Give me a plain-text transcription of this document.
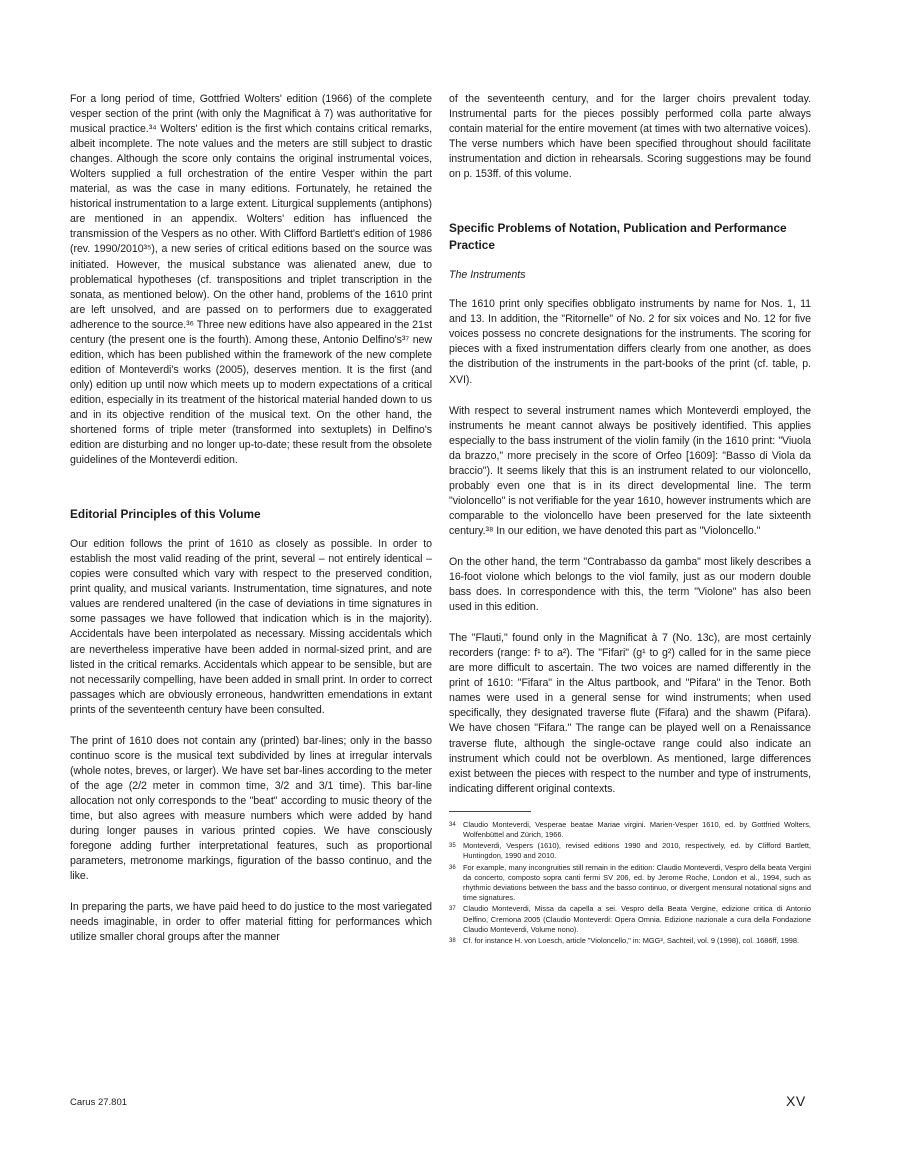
For a long period of time, Gottfried Wolters' edition (1966) of the complete vesper section of the print (with only the Magnificat à 7) was authoritative for musical practice.³⁴ Wolters' edition is the first which contains critical remarks, albeit incomplete. The note values and the meters are still subject to drastic changes. Although the score only contains the original instrumental voices, Wolters supplied a full orchestration of the entire Vesper within the part material, as was the case in many editions. Fortunately, he retained the historical instrumentation to a large extent. Liturgical supplements (antiphons) are mentioned in an appendix. Wolters' edition has influenced the transmission of the Vespers as no other. With Clifford Bartlett's edition of 1986 (rev. 1990/2010³⁵), a new series of critical editions based on the source was initiated. However, the musical substance was alienated anew, due to problematical hypotheses (cf. transpositions and triplet transcription in the sonata, as mentioned below). On the other hand, problems of the 1610 print are left unsolved, and are passed on to performers due to exaggerated adherence to the source.³⁶ Three new editions have also appeared in the 21st century (the present one is the fourth). Among these, Antonio Delfino's³⁷ new edition, which has been published within the framework of the new complete edition of Monteverdi's works (2005), deserves mention. It is the first (and only) edition up until now which meets up to modern expectations of a critical edition, especially in its treatment of the historical material handed down to us and in its objective rendition of the musical text. On the other hand, the shortened forms of triple meter (transformed into sextuplets) in Delfino's edition are disturbing and no longer up-to-date; these result from the obsolete guidelines of the Monteverdi edition.

Editorial Principles of this Volume

Our edition follows the print of 1610 as closely as possible. In order to establish the most valid reading of the print, several – not entirely identical – copies were consulted which vary with respect to the preserved condition, print quality, and musical variants. Instrumentation, time signatures, and note values are rendered unaltered (in the case of deviations in time signatures in some passages we have followed that indication which is in the majority). Accidentals have been interpolated as necessary. Missing accidentals which are nevertheless imperative have been added in normal-sized print, and are listed in the critical remarks. Accidentals which appear to be sensible, but are not necessarily compelling, have been added in small print. In order to correct passages which are obviously erroneous, handwritten emendations in extant prints of the seventeenth century have been consulted.

The print of 1610 does not contain any (printed) bar-lines; only in the basso continuo score is the musical text subdivided by lines at irregular intervals (whole notes, breves, or larger). We have set bar-lines according to the meter of the age (2/2 meter in common time, 3/2 and 3/1 time). This bar-line allocation not only corresponds to the "beat" according to music theory of the time, but also agrees with measure numbers which were added by hand during longer pauses in various printed copies. We have consciously foregone adding further interpretational features, such as proportional parameters, metronome markings, figuration of the basso continuo, and the like.

In preparing the parts, we have paid heed to do justice to the most variegated needs imaginable, in order to offer material fitting for performances which utilize smaller choral groups after the manner

of the seventeenth century, and for the larger choirs prevalent today. Instrumental parts for the pieces possibly performed colla parte always contain material for the entire movement (at times with two alternative voices). The verse numbers which have been specified throughout should facilitate instrumentation and diction in rehearsals. Scoring suggestions may be found on p. 153ff. of this volume.

Specific Problems of Notation, Publication and Performance Practice
The Instruments

The 1610 print only specifies obbligato instruments by name for Nos. 1, 11 and 13. In addition, the "Ritornelle" of No. 2 for six voices and No. 12 for five voices possess no concrete designations for the instruments. The scoring for pieces with a fixed instrumentation differs clearly from one another, as does the distribution of the instruments in the part-books of the print (cf. table, p. XVI).

With respect to several instrument names which Monteverdi employed, the instruments he meant cannot always be positively identified. This applies especially to the bass instrument of the violin family (in the 1610 print: "Viuola da brazzo," more precisely in the score of Orfeo [1609]: "Basso di Viola da braccio"). It seems likely that this is an instrument related to our violoncello, probably even one that is in its direct developmental line. The term "violoncello" is not verifiable for the year 1610, however instruments which are comparable to the violoncello have been preserved for the late sixteenth century.³⁸ In our edition, we have denoted this part as "Violoncello."

On the other hand, the term "Contrabasso da gamba" most likely describes a 16-foot violone which belongs to the viol family, just as our modern double bass does. In correspondence with this, the term "Violone" has also been used in this edition.

The "Flauti," found only in the Magnificat à 7 (No. 13c), are most certainly recorders (range: f¹ to a²). The "Fifari" (g¹ to g²) called for in the same piece are more difficult to ascertain. The two voices are named differently in the print of 1610: "Fifara" in the Altus partbook, and "Pifara" in the Tenor. Both names were used in a general sense for wind instruments; when used specifically, they designated traverse flute (Fifara) and the shawm (Pifara). We have chosen "Fifara." The range can be played well on a Renaissance traverse flute, although the single-octave range could also indicate an instrument which could not be overblown. As mentioned, large differences exist between the pieces with respect to the number and type of instruments, indicating different original contexts.

34 Claudio Monteverdi, Vesperae beatae Mariae virgini. Marien-Vesper 1610, ed. by Gottfried Wolters, Wolfenbüttel and Zürich, 1966.

35 Monteverdi, Vespers (1610), revised editions 1990 and 2010, respectively, ed. by Clifford Bartlett, Huntingdon, 1990 and 2010.

36 For example, many incongruities still remain in the edition: Claudio Monteverdi, Vespro della beata Vergini da concerto, composto sopra canti fermi SV 206, ed. by Jerome Roche, London et al., 1994, such as rhythmic deviations between the bass and the basso continuo, or divergent mensural notational signs and time signatures.

37 Claudio Monteverdi, Missa da capella a sei. Vespro della Beata Vergine, edizione critica di Antonio Delfino, Cremona 2005 (Claudio Monteverdi: Opera Omnia. Edizione nazionale a cura della Fondazione Claudio Monteverdi, Volume nono).

38 Cf. for instance H. von Loesch, article "Violoncello," in: MGG², Sachteil, vol. 9 (1998), col. 1686ff, 1998.

Carus 27.801	XV
